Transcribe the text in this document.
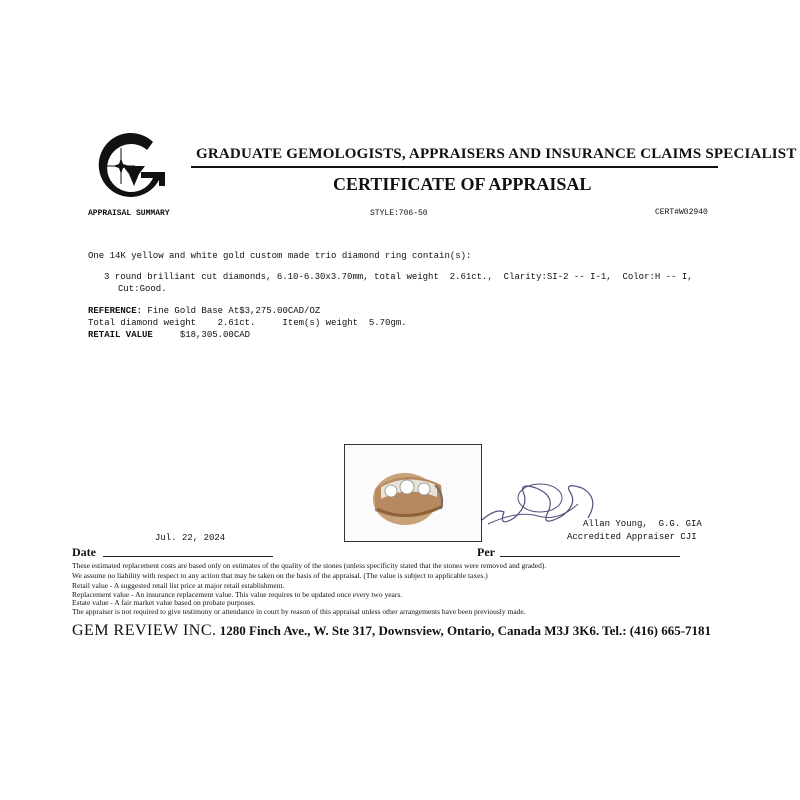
GRADUATE GEMOLOGISTS, APPRAISERS AND INSURANCE CLAIMS SPECIALIST
CERTIFICATE OF APPRAISAL
APPRAISAL SUMMARY	STYLE:706-50	CERT#W02940
One 14K yellow and white gold custom made trio diamond ring contain(s):
3 round brilliant cut diamonds, 6.10-6.30x3.70mm, total weight  2.61ct.,  Clarity:SI-2 -- I-1,  Color:H -- I,
Cut:Good.
REFERENCE: Fine Gold Base At$3,275.00CAD/OZ
Total diamond weight    2.61ct.     Item(s) weight  5.70gm.
RETAIL VALUE     $18,305.00CAD
Allan Young,  G.G. GIA
Accredited Appraiser CJI
Jul. 22, 2024
Date	Per
These estimated replacement costs are based only on estimates of the quality of the stones (unless specificity stated that the stones were removed and graded).
We assume no liability with respect to any action that may be taken on the basis of the appraisal. (The value is subject to applicable taxes.)
Retail value - A suggested retail list price at major retail establishment.
Replacement value - An insurance replacement value. This value requires to be updated once every two years.
Estate value - A fair market value based on probate purposes.
The appraiser is not required to give testimony or attendance in court by reason of this appraisal unless other arrangements have been previously made.
GEM REVIEW INC. 1280 Finch Ave., W. Ste 317, Downsview, Ontario, Canada M3J 3K6. Tel.: (416) 665-7181
